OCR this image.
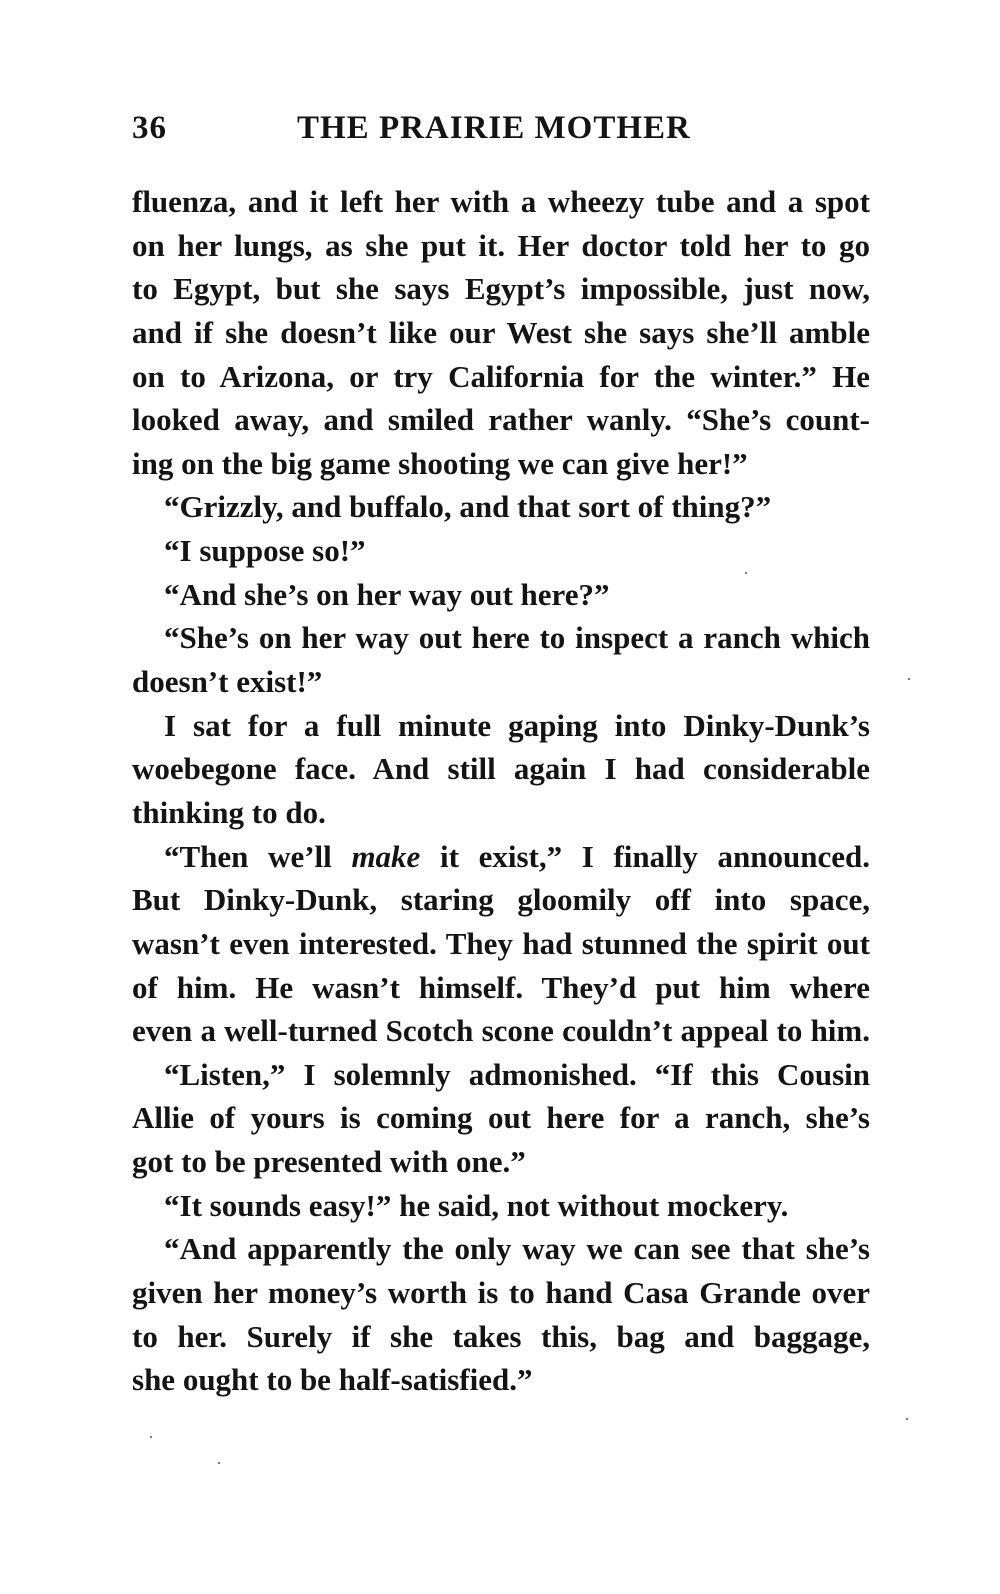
36	THE PRAIRIE MOTHER
fluenza, and it left her with a wheezy tube and a spot
on her lungs, as she put it. Her doctor told her to go
to Egypt, but she says Egypt’s impossible, just now,
and if she doesn’t like our West she says she’ll amble
on to Arizona, or try California for the winter.” He
looked away, and smiled rather wanly. “She’s count-
ing on the big game shooting we can give her!”
“Grizzly, and buffalo, and that sort of thing?”
“I suppose so!”
“And she’s on her way out here?”
“She’s on her way out here to inspect a ranch which
doesn’t exist!”
I sat for a full minute gaping into Dinky-Dunk’s
woebegone face. And still again I had considerable
thinking to do.
“Then we’ll make it exist,” I finally announced.
But Dinky-Dunk, staring gloomily off into space,
wasn’t even interested. They had stunned the spirit out
of him. He wasn’t himself. They’d put him where
even a well-turned Scotch scone couldn’t appeal to him.
“Listen,” I solemnly admonished. “If this Cousin
Allie of yours is coming out here for a ranch, she’s
got to be presented with one.”
“It sounds easy!” he said, not without mockery.
“And apparently the only way we can see that she’s
given her money’s worth is to hand Casa Grande over
to her. Surely if she takes this, bag and baggage,
she ought to be half-satisfied.”
